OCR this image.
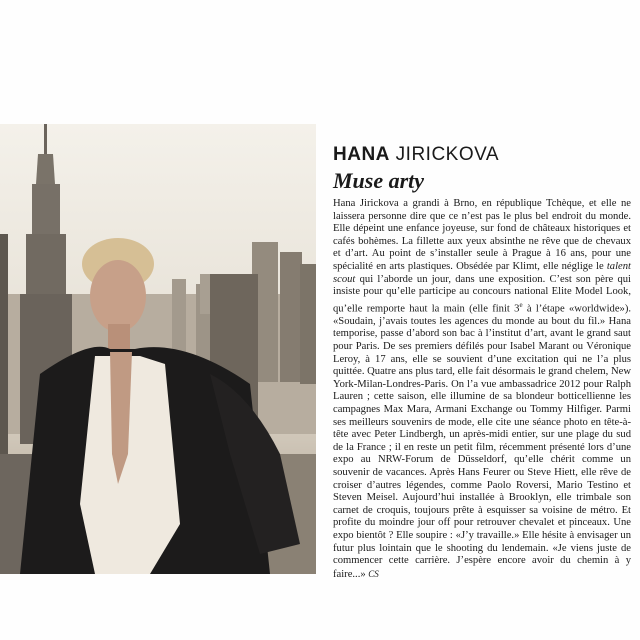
HANA JIRICKOVA
Muse arty
Hana Jirickova a grandi à Brno, en république Tchèque, et elle ne laissera personne dire que ce n’est pas le plus bel endroit du monde. Elle dépeint une enfance joyeuse, sur fond de châteaux historiques et cafés bohèmes. La fillette aux yeux absinthe ne rêve que de chevaux et d’art. Au point de s’installer seule à Prague à 16 ans, pour une spécialité en arts plastiques. Obsédée par Klimt, elle néglige le talent scout qui l’aborde un jour, dans une exposition. C’est son père qui insiste pour qu’elle participe au concours national Elite Model Look, qu’elle remporte haut la main (elle finit 3e à l’étape «worldwide»). «Soudain, j’avais toutes les agences du monde au bout du fil.» Hana temporise, passe d’abord son bac à l’institut d’art, avant le grand saut pour Paris. De ses premiers défilés pour Isabel Marant ou Véronique Leroy, à 17 ans, elle se souvient d’une excitation qui ne l’a plus quittée. Quatre ans plus tard, elle fait désormais le grand chelem, New York-Milan-Londres-Paris. On l’a vue ambassadrice 2012 pour Ralph Lauren ; cette saison, elle illumine de sa blondeur botticellienne les campagnes Max Mara, Armani Exchange ou Tommy Hilfiger. Parmi ses meilleurs souvenirs de mode, elle cite une séance photo en tête-à-tête avec Peter Lindbergh, un après-midi entier, sur une plage du sud de la France ; il en reste un petit film, récemment présenté lors d’une expo au NRW-Forum de Düsseldorf, qu’elle chérit comme un souvenir de vacances. Après Hans Feurer ou Steve Hiett, elle rêve de croiser d’autres légendes, comme Paolo Roversi, Mario Testino et Steven Meisel. Aujourd’hui installée à Brooklyn, elle trimbale son carnet de croquis, toujours prête à esquisser sa voisine de métro. Et profite du moindre jour off pour retrouver chevalet et pinceaux. Une expo bientôt ? Elle soupire : «J’y travaille.» Elle hésite à envisager un futur plus lointain que le shooting du lendemain. «Je viens juste de commencer cette carrière. J’espère encore avoir du chemin à y faire...» CS
